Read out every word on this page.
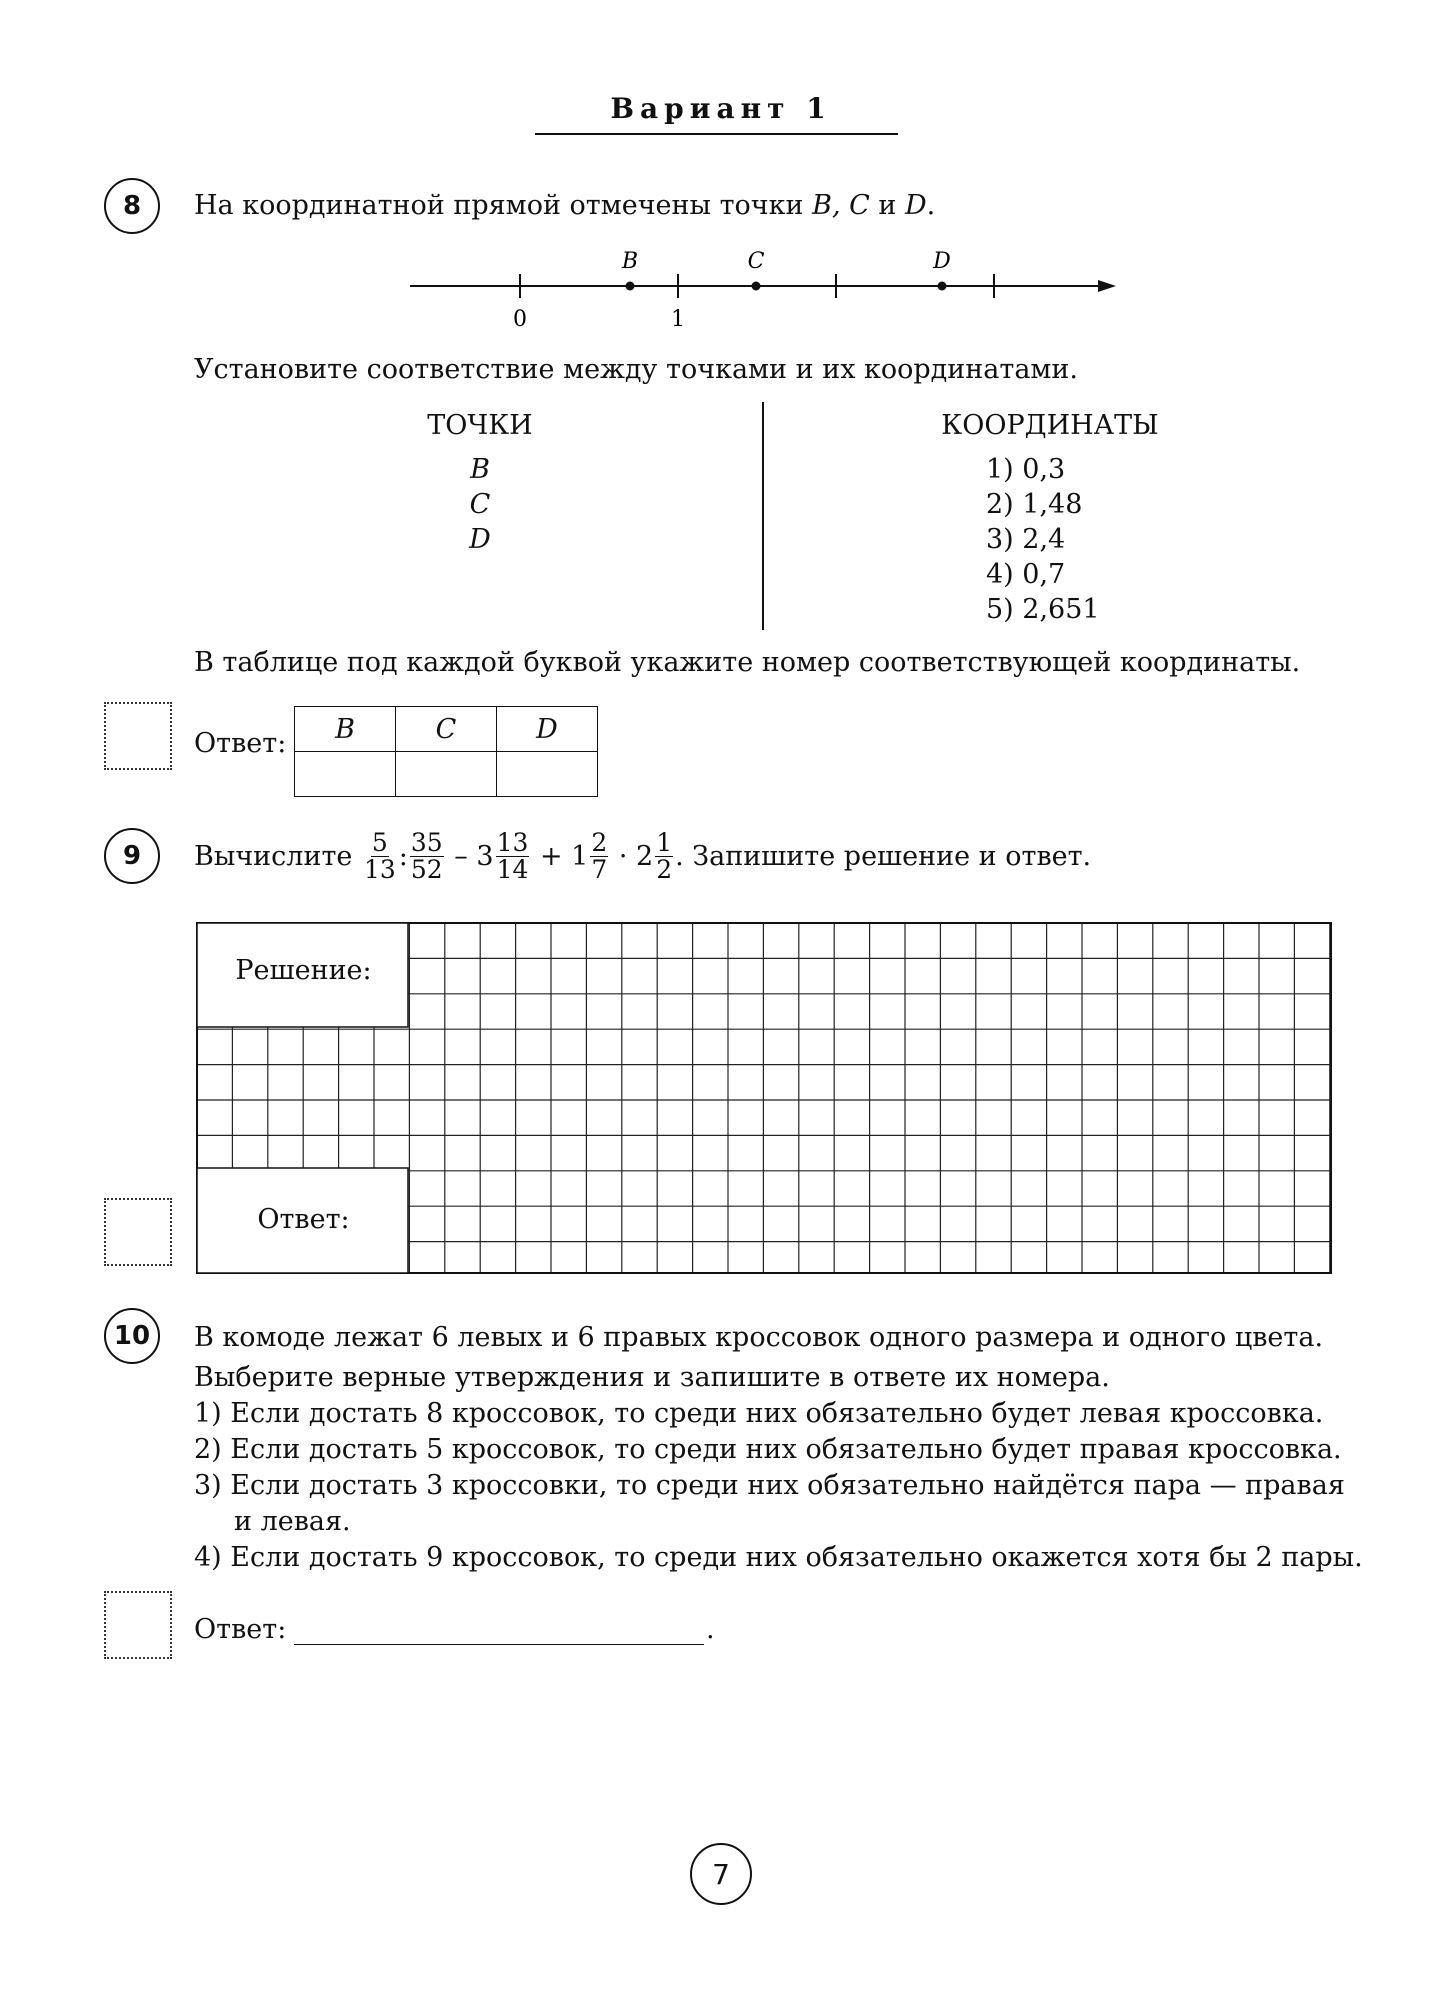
Вариант 1
8	На координатной прямой отмечены точки B, C и D.
B	C	D
0	1
Установите соответствие между точками и их координатами.
ТОЧКИ
B
C
D
КООРДИНАТЫ
1) 0,3
2) 1,48
3) 2,4
4) 0,7
5) 2,651
В таблице под каждой буквой укажите номер соответствующей координаты.
Ответ: B	C	D

9	Вычислите
$\frac{5}{13}$ : $\frac{35}{52}$
– $3 \frac{13}{14}$
+ $1 \frac{2}{7}$
· $2 \frac{1}{2}$ . Запишите решение и ответ.
Решение:
Ответ:
10	В комоде лежат 6 левых и 6 правых кроссовок одного размера и одного цвета.
Выберите верные утверждения и запишите в ответе их номера.
1) Если достать 8 кроссовок, то среди них обязательно будет левая кроссовка.
2) Если достать 5 кроссовок, то среди них обязательно будет правая кроссовка.
3) Если достать 3 кроссовки, то среди них обязательно найдётся пара — правая
и левая.
4) Если достать 9 кроссовок, то среди них обязательно окажется хотя бы 2 пары.
Ответ:	.
7
